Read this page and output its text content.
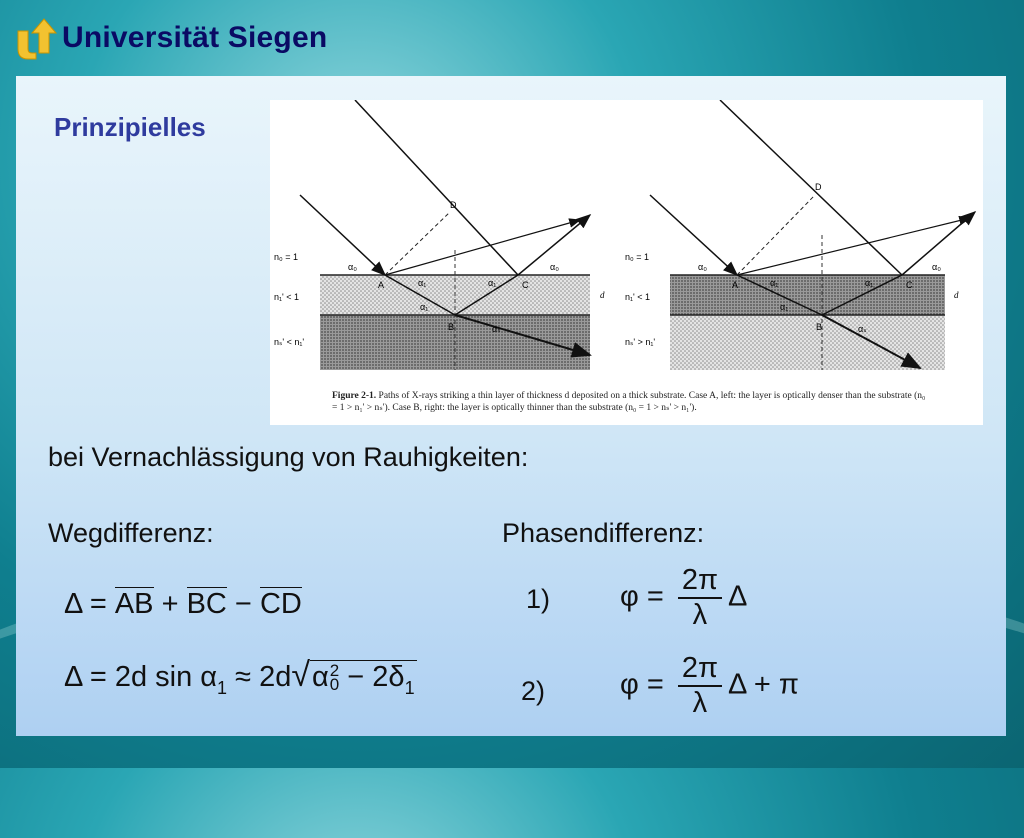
Universität Siegen
Prinzipielles
D
A	C
B
n₀ = 1
n₁' < 1
nₛ' < n₁'
α₀	α₀
α₁	α₁
α₁
αₛ
d
D
A	C
B
n₀ = 1
n₁' < 1
nₛ' > n₁'
α₀	α₀
α₁	α₁
α₁
αₛ
d
Figure 2-1. Paths of X-rays striking a thin layer of thickness d deposited on a thick substrate. Case A, left: the layer is optically denser than the substrate (n₀ = 1 > n₁' > nₛ'). Case B, right: the layer is optically thinner than the substrate (n₀ = 1 > nₛ' > n₁').
bei Vernachlässigung von Rauhigkeiten:
Wegdifferenz:	Phasendifferenz:
Δ = AB + BC − CD
Δ = 2d $\sin \alpha_1 \approx 2d√\alpha$ 2
$0 - 2\delta_1$
1) $\varphi = \frac{2\pi}{\lambda}$ Δ
2)	$\varphi = \frac{2\pi}{\lambda}$ Δ + π
